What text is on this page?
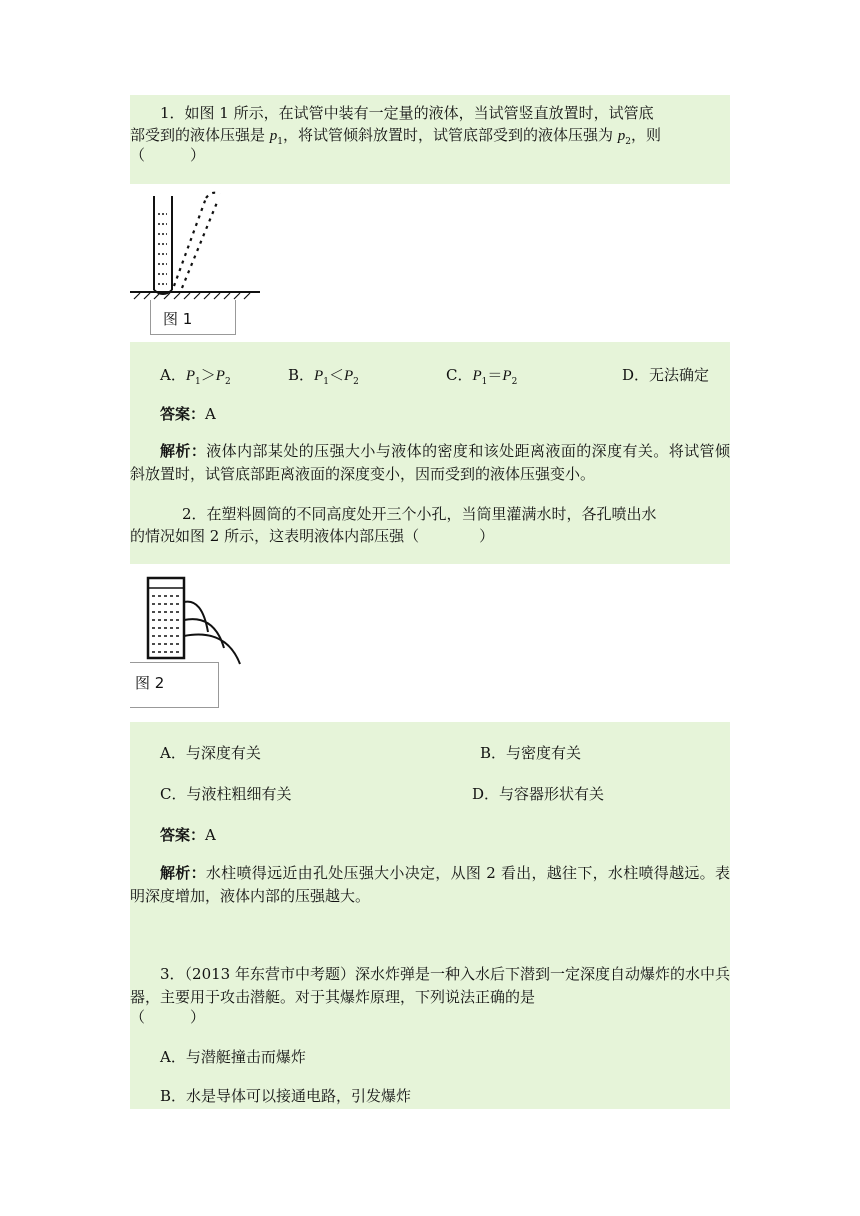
1．如图 1 所示，在试管中装有一定量的液体，当试管竖直放置时，试管底
部受到的液体压强是 $p_1$，将试管倾斜放置时，试管底部受到的液体压强为 $p_2$，则
（　　　）
图 1
A．$P_1>P_2$	B．$P_1<P_2$	C．$P_1=P_2$	D．无法确定
答案：A
解析：液体内部某处的压强大小与液体的密度和该处距离液面的深度有关。将试管倾斜放置时，试管底部距离液面的深度变小，因而受到的液体压强变小。
2．在塑料圆筒的不同高度处开三个小孔，当筒里灌满水时，各孔喷出水
的情况如图 2 所示，这表明液体内部压强（　　　　）
图 2
A．与深度有关	B．与密度有关
C．与液柱粗细有关	D．与容器形状有关
答案：A
解析：水柱喷得远近由孔处压强大小决定，从图 2 看出，越往下，水柱喷得越远。表明深度增加，液体内部的压强越大。
3．（2013 年东营市中考题）深水炸弹是一种入水后下潜到一定深度自动爆炸的水中兵器，主要用于攻击潜艇。对于其爆炸原理，下列说法正确的是
（　　　）
A．与潜艇撞击而爆炸
B．水是导体可以接通电路，引发爆炸
